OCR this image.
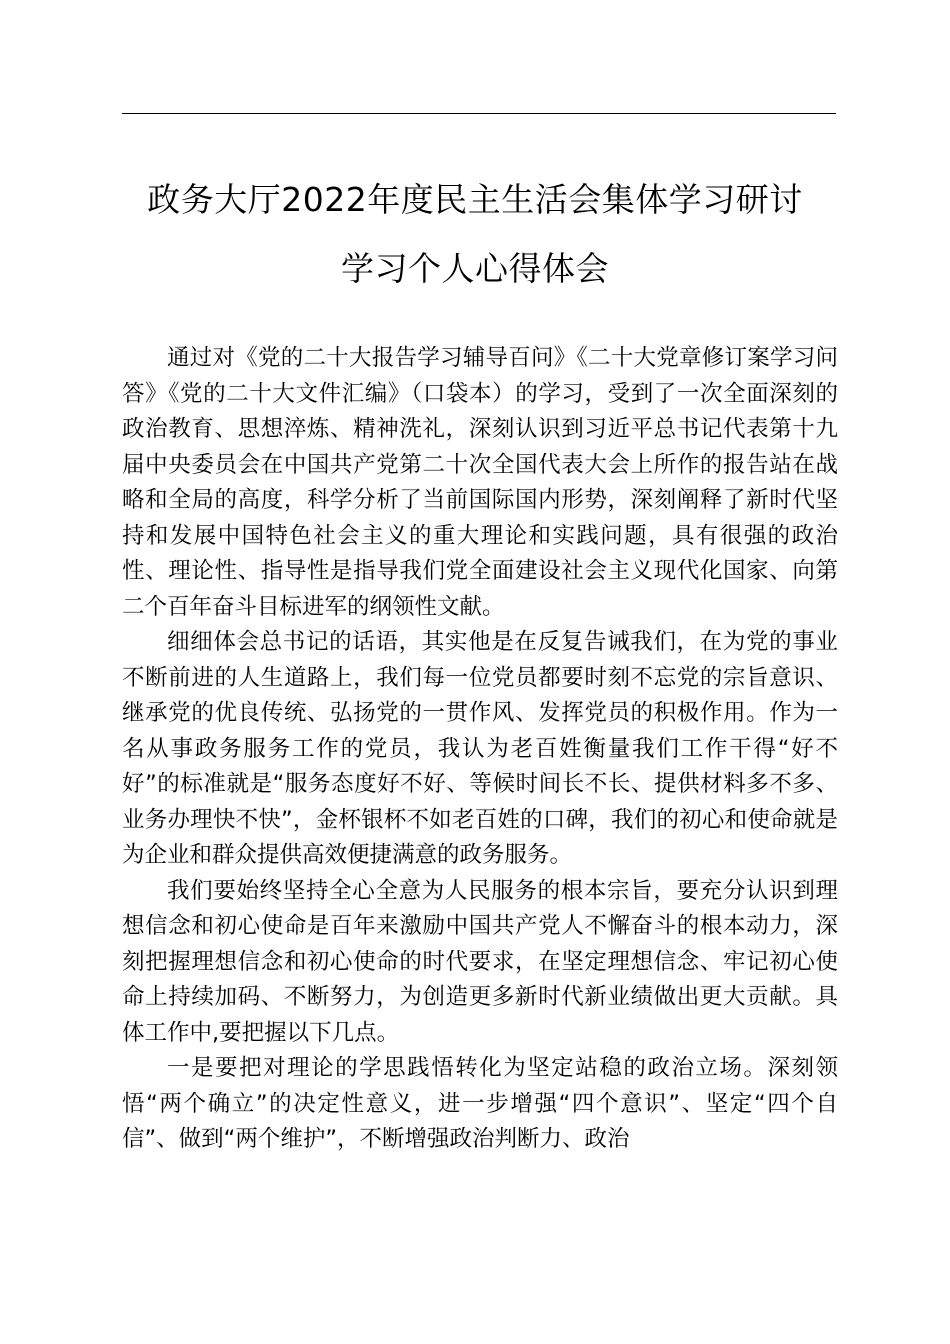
政务大厅2022年度民主生活会集体学习研讨
学习个人心得体会

通过对《党的二十大报告学习辅导百问》《二十大党章修订案学习问答》《党的二十大文件汇编》（口袋本）的学习，受到了一次全面深刻的政治教育、思想淬炼、精神洗礼，深刻认识到习近平总书记代表第十九届中央委员会在中国共产党第二十次全国代表大会上所作的报告站在战略和全局的高度，科学分析了当前国际国内形势，深刻阐释了新时代坚持和发展中国特色社会主义的重大理论和实践问题，具有很强的政治性、理论性、指导性是指导我们党全面建设社会主义现代化国家、向第二个百年奋斗目标进军的纲领性文献。

细细体会总书记的话语，其实他是在反复告诫我们，在为党的事业不断前进的人生道路上，我们每一位党员都要时刻不忘党的宗旨意识、继承党的优良传统、弘扬党的一贯作风、发挥党员的积极作用。作为一名从事政务服务工作的党员，我认为老百姓衡量我们工作干得“好不好”的标准就是“服务态度好不好、等候时间长不长、提供材料多不多、业务办理快不快”，金杯银杯不如老百姓的口碑，我们的初心和使命就是为企业和群众提供高效便捷满意的政务服务。

我们要始终坚持全心全意为人民服务的根本宗旨，要充分认识到理想信念和初心使命是百年来激励中国共产党人不懈奋斗的根本动力，深刻把握理想信念和初心使命的时代要求，在坚定理想信念、牢记初心使命上持续加码、不断努力，为创造更多新时代新业绩做出更大贡献。具体工作中,要把握以下几点。

一是要把对理论的学思践悟转化为坚定站稳的政治立场。深刻领悟“两个确立”的决定性意义，进一步增强“四个意识”、坚定“四个自信”、做到“两个维护”，不断增强政治判断力、政治
